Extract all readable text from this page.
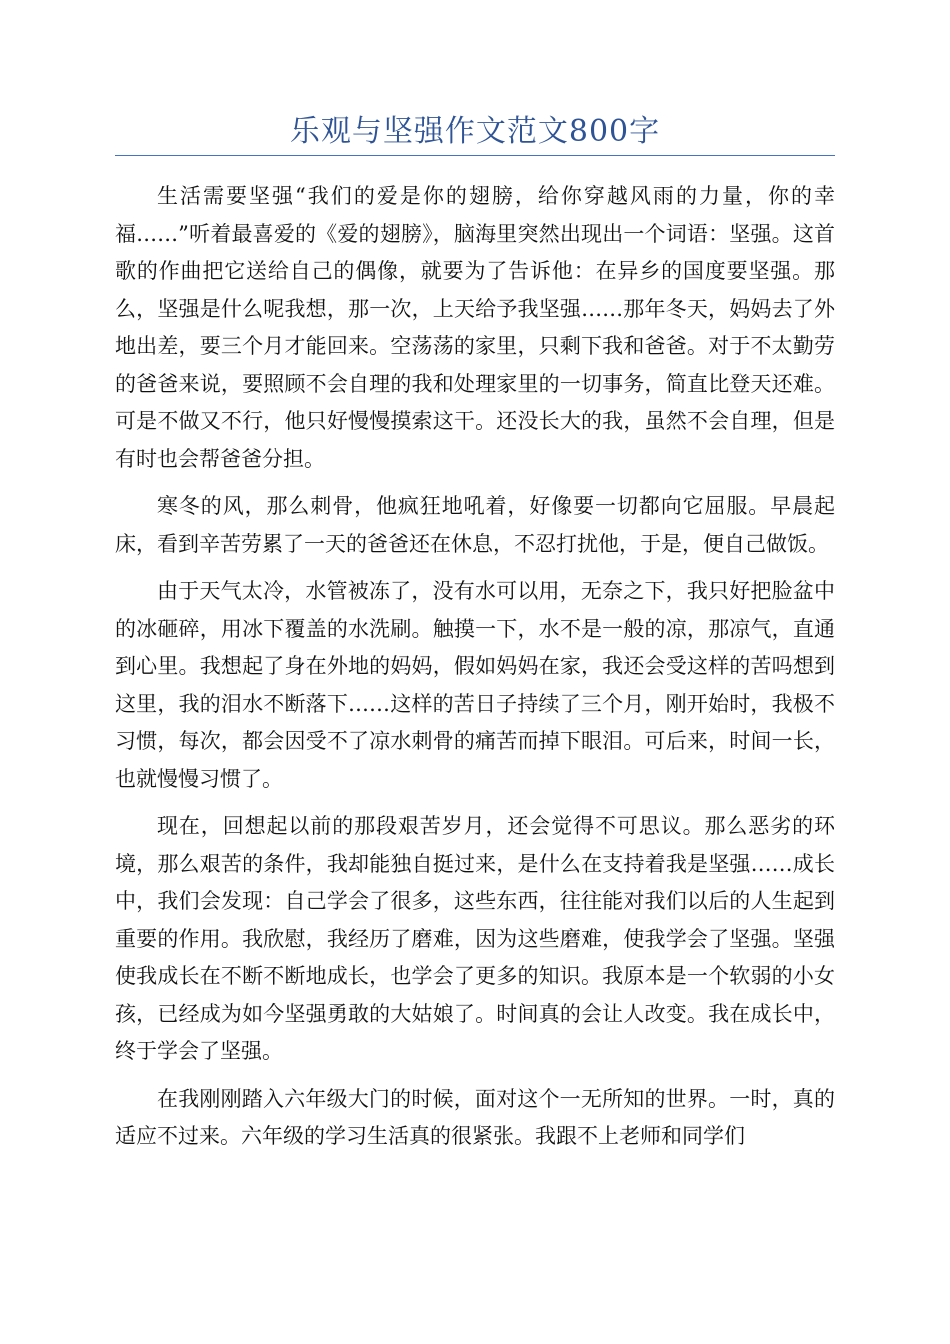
乐观与坚强作文范文800字

生活需要坚强“我们的爱是你的翅膀，给你穿越风雨的力量，你的幸福……”听着最喜爱的《爱的翅膀》，脑海里突然出现出一个词语：坚强。这首歌的作曲把它送给自己的偶像，就要为了告诉他：在异乡的国度要坚强。那么，坚强是什么呢我想，那一次，上天给予我坚强……那年冬天，妈妈去了外地出差，要三个月才能回来。空荡荡的家里，只剩下我和爸爸。对于不太勤劳的爸爸来说，要照顾不会自理的我和处理家里的一切事务，简直比登天还难。可是不做又不行，他只好慢慢摸索这干。还没长大的我，虽然不会自理，但是有时也会帮爸爸分担。

寒冬的风，那么刺骨，他疯狂地吼着，好像要一切都向它屈服。早晨起床，看到辛苦劳累了一天的爸爸还在休息，不忍打扰他，于是，便自己做饭。

由于天气太冷，水管被冻了，没有水可以用，无奈之下，我只好把脸盆中的冰砸碎，用冰下覆盖的水洗刷。触摸一下，水不是一般的凉，那凉气，直通到心里。我想起了身在外地的妈妈，假如妈妈在家，我还会受这样的苦吗想到这里，我的泪水不断落下……这样的苦日子持续了三个月，刚开始时，我极不习惯，每次，都会因受不了凉水刺骨的痛苦而掉下眼泪。可后来，时间一长，也就慢慢习惯了。

现在，回想起以前的那段艰苦岁月，还会觉得不可思议。那么恶劣的环境，那么艰苦的条件，我却能独自挺过来，是什么在支持着我是坚强……成长中，我们会发现：自己学会了很多，这些东西，往往能对我们以后的人生起到重要的作用。我欣慰，我经历了磨难，因为这些磨难，使我学会了坚强。坚强使我成长在不断不断地成长，也学会了更多的知识。我原本是一个软弱的小女孩，已经成为如今坚强勇敢的大姑娘了。时间真的会让人改变。我在成长中，终于学会了坚强。

在我刚刚踏入六年级大门的时候，面对这个一无所知的世界。一时，真的适应不过来。六年级的学习生活真的很紧张。我跟不上老师和同学们
